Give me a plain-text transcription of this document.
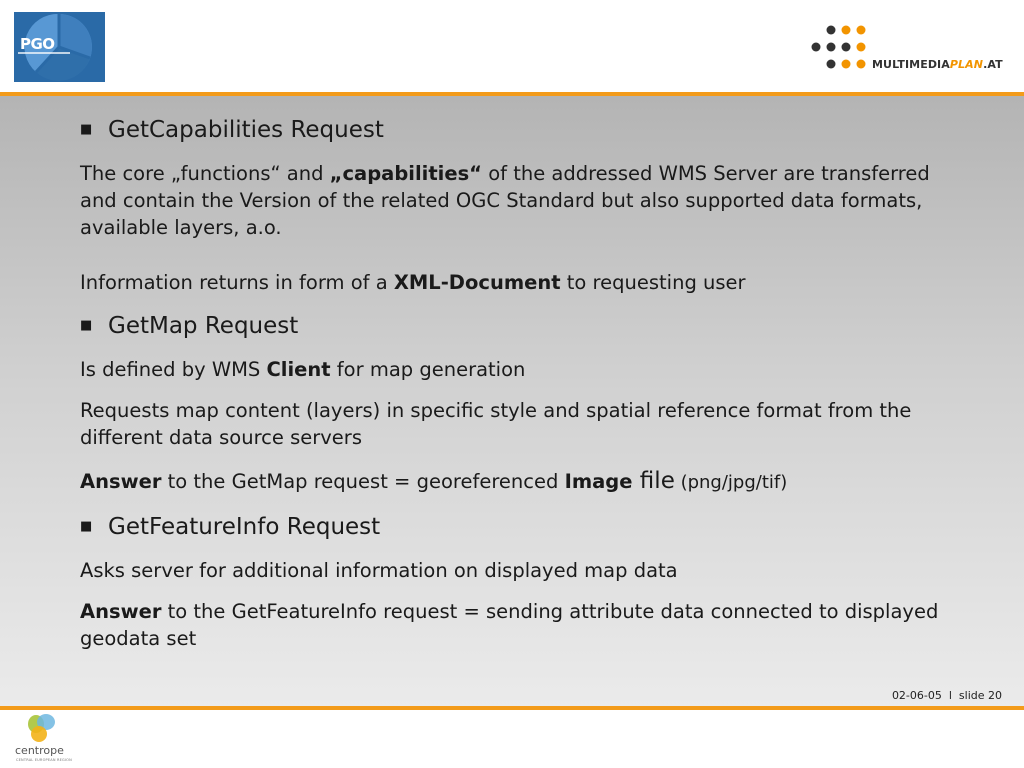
PGO
MULTIMEDIAPLAN.AT
■ GetCapabilities Request
The core „functions“ and „capabilities“ of the addressed WMS Server are transferred and contain the Version of the related OGC Standard but also supported data formats, available layers, a.o.
Information returns in form of a XML-Document to requesting user
■ GetMap Request
Is defined by WMS Client for map generation
Requests map content (layers) in specific style and spatial reference format from the different data source servers
Answer to the GetMap request = georeferenced Image file (png/jpg/tif)
■ GetFeatureInfo Request
Asks server for additional information on displayed map data
Answer to the GetFeatureInfo request = sending attribute data connected to displayed geodata set
02-06-05  l  slide 20
centrope
CENTRAL EUROPEAN REGION
